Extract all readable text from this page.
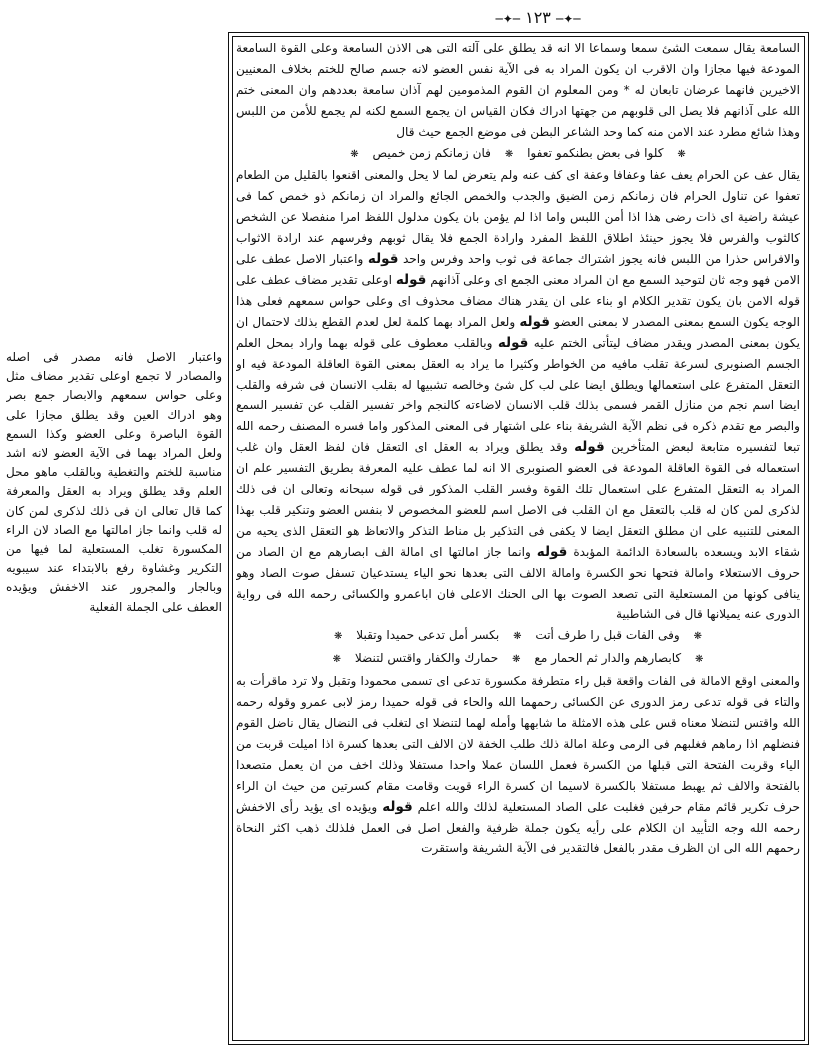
─✦─ ١٢٣ ─✦─

السامعة يقال سمعت الشئ سمعا وسماعا الا انه قد يطلق على آلته التى هى الاذن السامعة وعلى القوة السامعة المودعة فيها مجازا وان الاقرب ان يكون المراد به فى الآية نفس العضو لانه جسم صالح للختم بخلاف المعنيين الاخيرين فانهما عرضان تابعان له * ومن المعلوم ان القوم المذمومين لهم آذان سامعة بعددهم وان المعنى ختم الله على آذانهم فلا يصل الى قلوبهم من جهتها ادراك فكان القياس ان يجمع السمع لكنه لم يجمع للأمن من اللبس وهذا شائع مطرد عند الامن منه كما وحد الشاعر البطن فى موضع الجمع حيث قال

❋ كلوا فى بعض بطنكمو تعفوا ❋ فان زمانكم زمن خميص ❋

يقال عف عن الحرام يعف عفا وعفافا وعفة اى كف عنه ولم يتعرض لما لا يحل والمعنى اقنعوا بالقليل من الطعام تعفوا عن تناول الحرام فان زمانكم زمن الضيق والجدب والخمص الجائع والمراد ان زمانكم ذو خمص كما فى عيشة راضية اى ذات رضى هذا اذا أمن اللبس واما اذا لم يؤمن بان يكون مدلول اللفظ امرا منفصلا عن الشخص كالثوب والفرس فلا يجوز حينئذ اطلاق اللفظ المفرد وارادة الجمع فلا يقال ثوبهم وفرسهم عند ارادة الاثواب والافراس حذرا من اللبس فانه يجوز اشتراك جماعة فى ثوب واحد وفرس واحد قوله واعتبار الاصل عطف على الامن فهو وجه ثان لتوحيد السمع مع ان المراد معنى الجمع اى وعلى آذانهم قوله اوعلى تقدير مضاف عطف على قوله الامن بان يكون تقدير الكلام او بناء على ان يقدر هناك مضاف محذوف اى وعلى حواس سمعهم فعلى هذا الوجه يكون السمع بمعنى المصدر لا بمعنى العضو قوله ولعل المراد بهما كلمة لعل لعدم القطع بذلك لاحتمال ان يكون بمعنى المصدر ويقدر مضاف ليتأتى الختم عليه قوله وبالقلب معطوف على قوله بهما واراد بمحل العلم الجسم الصنوبرى لسرعة تقلب مافيه من الخواطر وكثيرا ما يراد به العقل بمعنى القوة العاقلة المودعة فيه او التعقل المتفرع على استعمالها ويطلق ايضا على لب كل شئ وخالصه تشبيها له بقلب الانسان فى شرفه والقلب ايضا اسم نجم من منازل القمر فسمى بذلك قلب الانسان لاضاءته كالنجم واخر تفسير القلب عن تفسير السمع والبصر مع تقدم ذكره فى نظم الآية الشريفة بناء على اشتهار فى المعنى المذكور واما فسره المصنف رحمه الله تبعا لتفسيره متابعة لبعض المتأخرين قوله وقد يطلق ويراد به العقل اى التعقل فان لفظ العقل وان غلب استعماله فى القوة العاقلة المودعة فى العضو الصنوبرى الا انه لما عطف عليه المعرفة بطريق التفسير علم ان المراد به التعقل المتفرع على استعمال تلك القوة وفسر القلب المذكور فى قوله سبحانه وتعالى ان فى ذلك لذكرى لمن كان له قلب بالتعقل مع ان القلب فى الاصل اسم للعضو المخصوص لا بنفس العضو وتنكير قلب بهذا المعنى للتنبيه على ان مطلق التعقل ايضا لا يكفى فى التذكير بل مناط التذكر والاتعاظ هو التعقل الذى يحيه من شقاء الابد ويسعده بالسعادة الدائمة المؤبدة قوله وانما جاز امالتها اى امالة الف ابصارهم مع ان الصاد من حروف الاستعلاء وامالة فتحها نحو الكسرة وامالة الالف التى بعدها نحو الياء يستدعيان تسفل صوت الصاد وهو ينافى كونها من المستعلية التى تصعد الصوت بها الى الحنك الاعلى فان اباعمرو والكسائى رحمه الله فى رواية الدورى عنه يميلانها قال فى الشاطبية

❋ وفى الفات قبل را طرف أتت ❋ بكسر أمل تدعى حميدا وتقبلا ❋

❋ كابصارهم والدار ثم الحمار مع ❋ حمارك والكفار واقتس لتنضلا ❋

والمعنى اوقع الامالة فى الفات واقعة قبل راء متطرفة مكسورة تدعى اى تسمى محمودا وتقبل ولا ترد ماقرأت به والتاء فى قوله تدعى رمز الدورى عن الكسائى رحمهما الله والحاء فى قوله حميدا رمز لابى عمرو وقوله رحمه الله واقتس لتنضلا معناه قس على هذه الامثلة ما شابهها وأمله لهما لتنضلا اى لتغلب فى النضال يقال ناضل القوم فنضلهم اذا رماهم فغلبهم فى الرمى وعلة امالة ذلك طلب الخفة لان الالف التى بعدها كسرة اذا اميلت قربت من الياء وقربت الفتحة التى قبلها من الكسرة فعمل اللسان عملا واحدا مستفلا وذلك اخف من ان يعمل متصعدا بالفتحة والالف ثم يهبط مستفلا بالكسرة لاسيما ان كسرة الراء قويت وقامت مقام كسرتين من حيث ان الراء حرف تكرير قائم مقام حرفين فغلبت على الصاد المستعلية لذلك والله اعلم قوله ويؤيده اى يؤيد رأى الاخفش رحمه الله وجه التأييد ان الكلام على رأيه يكون جملة ظرفية والفعل اصل فى العمل فلذلك ذهب اكثر النحاة رحمهم الله الى ان الظرف مقدر بالفعل فالتقدير فى الآية الشريفة واستقرت

واعتبار الاصل فانه مصدر فى اصله والمصادر لا تجمع اوعلى تقدير مضاف مثل وعلى حواس سمعهم والابصار جمع بصر وهو ادراك العين وقد يطلق مجازا على القوة الباصرة وعلى العضو وكذا السمع ولعل المراد بهما فى الآية العضو لانه اشد مناسبة للختم والتغطية وبالقلب ماهو محل العلم وقد يطلق ويراد به العقل والمعرفة كما قال تعالى ان فى ذلك لذكرى لمن كان له قلب وانما جاز امالتها مع الصاد لان الراء المكسورة تغلب المستعلية لما فيها من التكرير وغشاوة رفع بالابتداء عند سيبويه وبالجار والمجرور عند الاخفش ويؤيده العطف على الجملة الفعلية
